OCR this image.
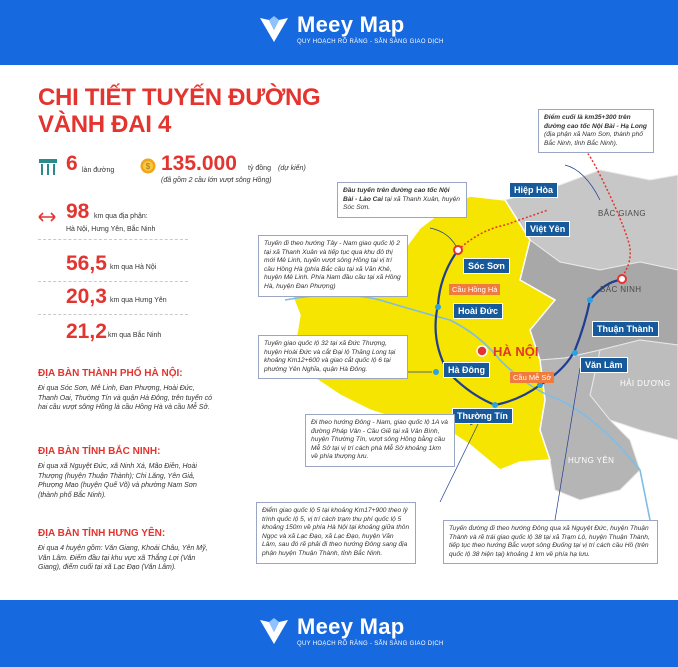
Meey Map
QUY HOẠCH RÕ RÀNG - SẴN SÀNG GIAO DỊCH
CHI TIẾT TUYẾN ĐƯỜNG
VÀNH ĐAI 4
6 làn đường	$ 135.000 tỷ đồng (dự kiến)
(đã gồm 2 cầu lớn vượt sông Hồng)
98 km qua địa phận:
Hà Nội, Hưng Yên, Bắc Ninh
56,5 km qua Hà Nội
20,3 km qua Hưng Yên
21,2 km qua Bắc Ninh
ĐỊA BÀN THÀNH PHỐ HÀ NỘI:
Đi qua Sóc Sơn, Mê Linh, Đan Phượng, Hoài Đức, Thanh Oai, Thường Tín và quận Hà Đông, trên tuyến có hai cầu vượt sông Hồng là cầu Hồng Hà và cầu Mễ Sở.
ĐỊA BÀN TỈNH BẮC NINH:
Đi qua xã Nguyệt Đức, xã Ninh Xá, Mão Điền, Hoài Thượng (huyện Thuận Thành); Chi Lăng, Yên Giả, Phượng Mao (huyện Quế Võ) và phường Nam Sơn (thành phố Bắc Ninh).
ĐỊA BÀN TỈNH HƯNG YÊN:
Đi qua 4 huyện gồm: Văn Giang, Khoái Châu, Yên Mỹ, Văn Lâm. Điểm đầu tại khu vực xã Thắng Lợi (Văn Giang), điểm cuối tại xã Lạc Đạo (Văn Lâm).
BẮC GIANG
BẮC NINH
HẢI DƯƠNG
HƯNG YÊN
HÀ NỘI
Hiệp Hòa
Việt Yên
Sóc Sơn
Hoài Đức
Thuận Thành
Văn Lâm
Hà Đông
Thường Tín
Cầu Hồng Hà
Cầu Mễ Sở
Điểm cuối là km35+300 trên đường cao tốc Nội Bài - Hạ Long (địa phận xã Nam Sơn, thành phố Bắc Ninh, tỉnh Bắc Ninh).
Đầu tuyến trên đường cao tốc Nội Bài - Lào Cai tại xã Thanh Xuân, huyện Sóc Sơn.
Tuyến đi theo hướng Tây - Nam giao quốc lộ 2 tại xã Thanh Xuân và tiếp tục qua khu đô thị mới Mê Linh, tuyến vượt sông Hồng tại vị trí cầu Hồng Hà (phía Bắc cầu tại xã Văn Khê, huyện Mê Linh. Phía Nam đầu cầu tại xã Hồng Hà, huyện Đan Phượng)
Tuyến giao quốc lộ 32 tại xã Đức Thượng, huyện Hoài Đức và cắt Đại lộ Thăng Long tại khoảng Km12+600 và giao cắt quốc lộ 6 tại phường Yên Nghĩa, quận Hà Đông.
Đi theo hướng Đông - Nam, giao quốc lộ 1A và đường Pháp Vân - Cầu Giẽ tại xã Vân Bình, huyện Thường Tín, vượt sông Hồng bằng cầu Mễ Sở tại vị trí cách phà Mễ Sở khoảng 1km về phía thượng lưu.
Điểm giao quốc lộ 5 tại khoảng Km17+900 theo lý trình quốc lộ 5, vị trí cách trạm thu phí quốc lộ 5 khoảng 150m về phía Hà Nội tại khoảng giữa thôn Ngọc và xã Lạc Đạo, xã Lạc Đạo, huyện Văn Lâm, sau đó rẽ phải đi theo hướng Đông sang địa phận huyện Thuận Thành, tỉnh Bắc Ninh.
Tuyến đường đi theo hướng Đông qua xã Nguyệt Đức, huyện Thuận Thành và rẽ trái giao quốc lộ 38 tại xã Trạm Lộ, huyện Thuận Thành, tiếp tục theo hướng Bắc vượt sông Đuống tại vị trí cách cầu Hồ (trên quốc lộ 38 hiện tại) khoảng 1 km về phía hạ lưu.
Meey Map
QUY HOẠCH RÕ RÀNG - SẴN SÀNG GIAO DỊCH
